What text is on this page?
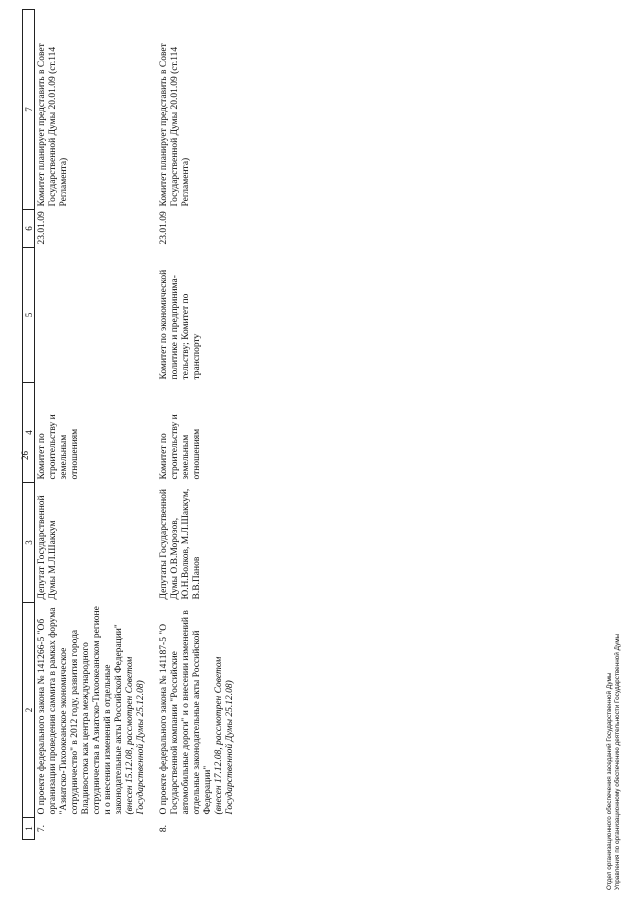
26
1	2	3	4	5	6	7
7.	О проекте федерального закона № 141266-5 "Об организации проведения саммита в рамках форума "Азиатско-Тихоокеанское экономическое сотрудничество" в 2012 году, развития города Владивостока как центра международного сотрудничества в Азиатско-Тихоокеанском регионе и о внесении изменений в отдельные законодательные акты Российской Федерации" (внесен 15.12.08, рассмотрен Советом Государственной Думы 25.12.08)	Депутат Государственной Думы М.Л.Шаккум	Комитет по строительству и земельным отношениям		23.01.09	Комитет планирует представить в Совет Государственной Думы 20.01.09 (ст.114 Регламента)
8.	О проекте федерального закона № 141187-5 "О Государственной компании "Российские автомобильные дороги" и о внесении изменений в отдельные законодательные акты Российской Федерации" (внесен 17.12.08, рассмотрен Советом Государственной Думы 25.12.08)	Депутаты Государственной Думы О.В.Морозов, Ю.Н.Волков, М.Л.Шаккум, В.В.Панов	Комитет по строительству и земельным отношениям	Комитет по экономической политике и предпринима-тельству; Комитет по транспорту	23.01.09	Комитет планирует представить в Совет Государственной Думы 20.01.09 (ст.114 Регламента)
Отдел организационного обеспечения заседаний Государственной Думы Управления по организационному обеспечению деятельности Государственной Думы
